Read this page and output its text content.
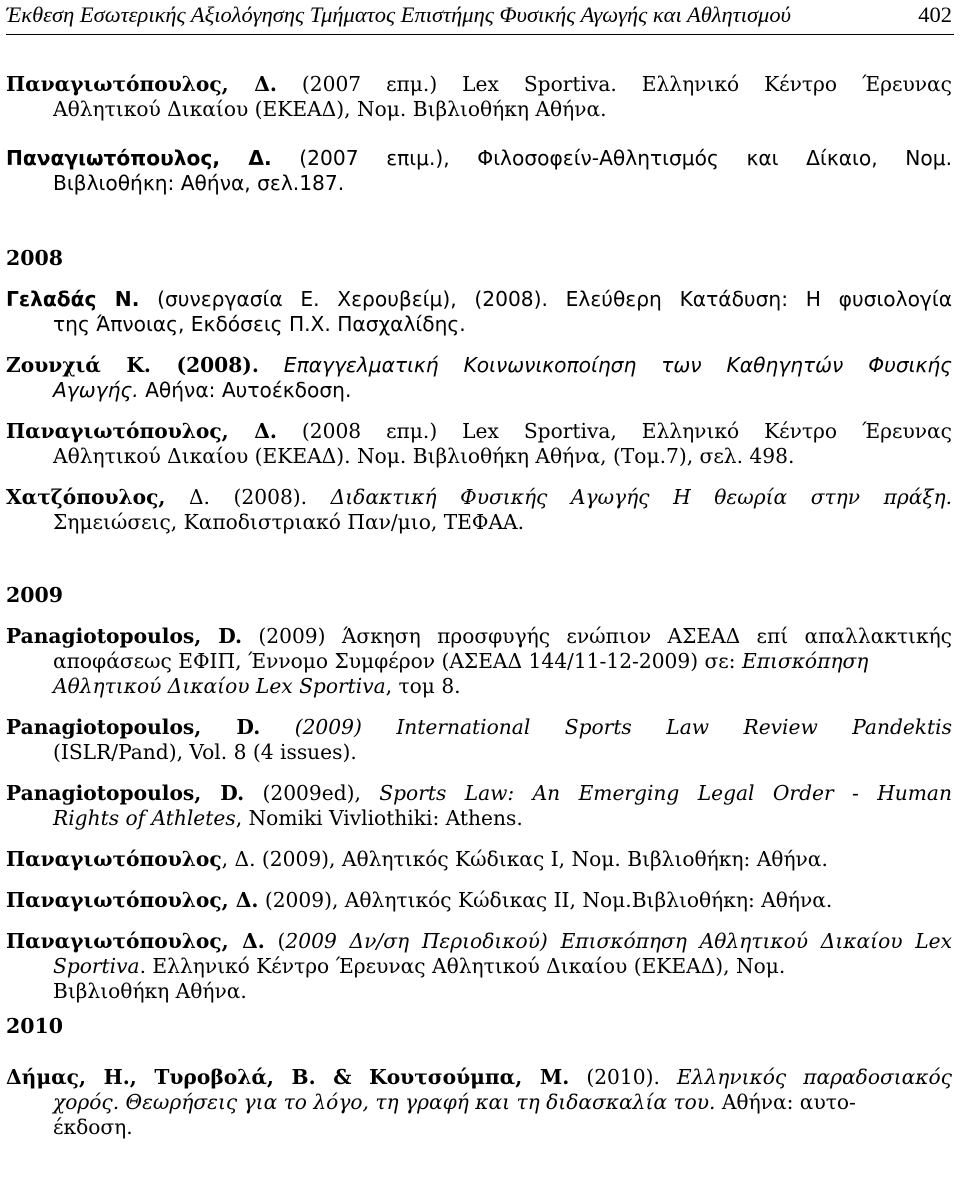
Έκθεση Εσωτερικής Αξιολόγησης Τμήματος Επιστήμης Φυσικής Αγωγής και Αθλητισμού	402
Παναγιωτόπουλος, Δ. (2007 επμ.) Lex Sportiva. Ελληνικό Κέντρο Έρευνας
Αθλητικού Δικαίου (ΕΚΕΑΔ), Νομ. Βιβλιοθήκη Αθήνα.
Παναγιωτόπουλος, Δ. (2007 επιμ.), Φιλοσοφείν-Αθλητισμός και Δίκαιο, Νομ.
Βιβλιοθήκη: Αθήνα, σελ.187.
2008
Γελαδάς Ν. (συνεργασία Ε. Χερουβείμ), (2008). Ελεύθερη Κατάδυση: Η φυσιολογία
της Άπνοιας, Εκδόσεις Π.Χ. Πασχαλίδης.
Ζουνχιά Κ. (2008). Επαγγελματική Κοινωνικοποίηση των Καθηγητών Φυσικής
Αγωγής. Αθήνα: Αυτοέκδοση.
Παναγιωτόπουλος, Δ. (2008 επμ.) Lex Sportiva, Ελληνικό Κέντρο Έρευνας
Αθλητικού Δικαίου (ΕΚΕΑΔ). Νομ. Βιβλιοθήκη Αθήνα, (Τομ.7), σελ. 498.
Χατζόπουλος, Δ. (2008). Διδακτική Φυσικής Αγωγής Η θεωρία στην πράξη.
Σημειώσεις, Καποδιστριακό Παν/μιο, ΤΕΦΑΑ.
2009
Panagiotopoulos, D. (2009) Άσκηση προσφυγής ενώπιον ΑΣΕΑΔ επί απαλλακτικής
αποφάσεως ΕΦΙΠ, Έννομο Συμφέρον (ΑΣΕΑΔ 144/11-12-2009) σε: Επισκόπηση
Αθλητικού Δικαίου Lex Sportiva, τομ 8.
Panagiotopoulos, D. (2009) International Sports Law Review Pandektis
(ISLR/Pand), Vol. 8 (4 issues).
Panagiotopoulos, D. (2009ed), Sports Law: An Emerging Legal Order - Human
Rights of Athletes, Nomiki Vivliothiki: Athens.
Παναγιωτόπουλος, Δ. (2009), Αθλητικός Κώδικας Ι, Νομ. Βιβλιοθήκη: Αθήνα.
Παναγιωτόπουλος, Δ. (2009), Αθλητικός Κώδικας ΙΙ, Νομ.Βιβλιοθήκη: Αθήνα.
Παναγιωτόπουλος, Δ. (2009 Δν/ση Περιοδικού) Επισκόπηση Αθλητικού Δικαίου Lex
Sportiva. Ελληνικό Κέντρο Έρευνας Αθλητικού Δικαίου (ΕΚΕΑΔ), Νομ.
Βιβλιοθήκη Αθήνα.
2010
Δήμας, Η., Τυροβολά, Β. & Κουτσούμπα, Μ. (2010). Ελληνικός παραδοσιακός
χορός. Θεωρήσεις για το λόγο, τη γραφή και τη διδασκαλία του. Αθήνα: αυτο-
έκδοση.
